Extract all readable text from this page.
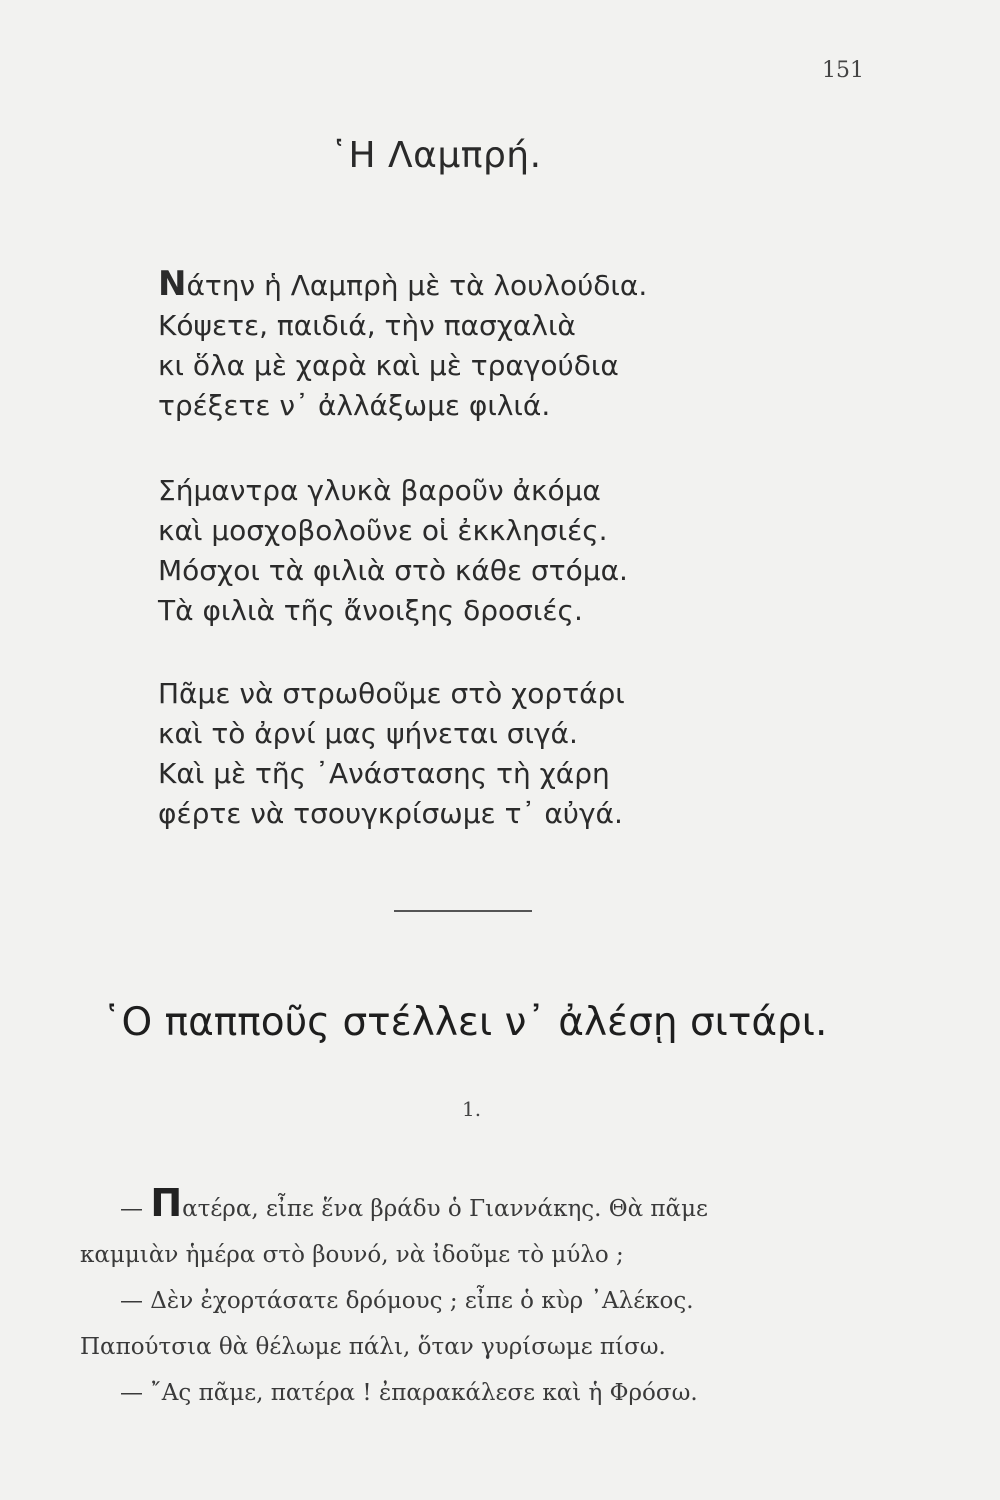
151
῾Η Λαμπρή.
Νάτην ἡ Λαμπρὴ μὲ τὰ λουλούδια.
Κόψετε, παιδιά, τὴν πασχαλιὰ
κι ὅλα μὲ χαρὰ καὶ μὲ τραγούδια
τρέξετε ν᾽ ἀλλάξωμε φιλιά.
Σήμαντρα γλυκὰ βαροῦν ἀκόμα
καὶ μοσχοβολοῦνε οἱ ἐκκλησιές.
Μόσχοι τὰ φιλιὰ στὸ κάθε στόμα.
Τὰ φιλιὰ τῆς ἄνοιξης δροσιές.
Πᾶμε νὰ στρωθοῦμε στὸ χορτάρι
καὶ τὸ ἀρνί μας ψήνεται σιγά.
Καὶ μὲ τῆς ᾽Ανάστασης τὴ χάρη
φέρτε νὰ τσουγκρίσωμε τ᾽ αὐγά.
῾Ο παπποῦς στέλλει ν᾽ ἀλέσῃ σιτάρι.
1.
— Πατέρα, εἶπε ἕνα βράδυ ὁ Γιαννάκης. Θὰ πᾶμε
καμμιὰν ἡμέρα στὸ βουνό, νὰ ἰδοῦμε τὸ μύλο ;
— Δὲν ἐχορτάσατε δρόμους ; εἶπε ὁ κὺρ ᾽Αλέκος.
Παπούτσια θὰ θέλωμε πάλι, ὅταν γυρίσωμε πίσω.
— ῎Ας πᾶμε, πατέρα ! ἐπαρακάλεσε καὶ ἡ Φρόσω.
